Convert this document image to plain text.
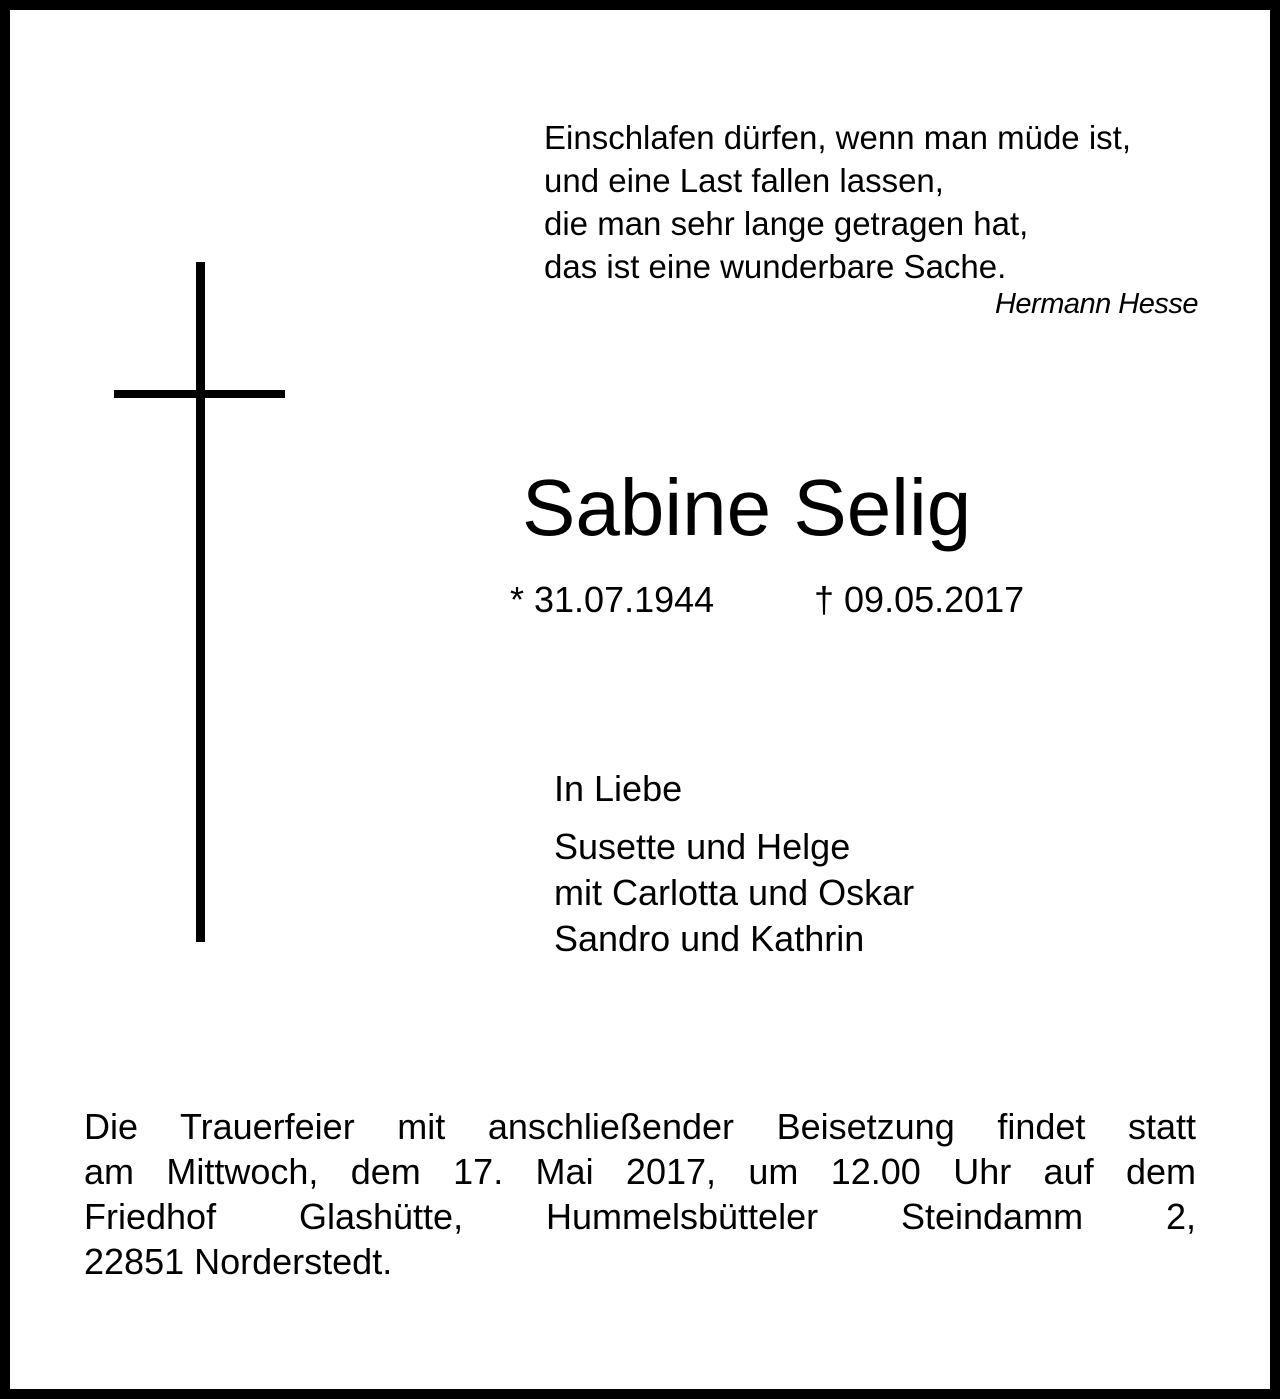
Einschlafen dürfen, wenn man müde ist,
und eine Last fallen lassen,
die man sehr lange getragen hat,
das ist eine wunderbare Sache.
Hermann Hesse
Sabine Selig
* 31.07.1944	† 09.05.2017
In Liebe
Susette und Helge
mit Carlotta und Oskar
Sandro und Kathrin
Die Trauerfeier mit anschließender Beisetzung findet statt
am Mittwoch, dem 17. Mai 2017, um 12.00 Uhr auf dem
Friedhof Glashütte, Hummelsbütteler Steindamm 2,
22851 Norderstedt.
